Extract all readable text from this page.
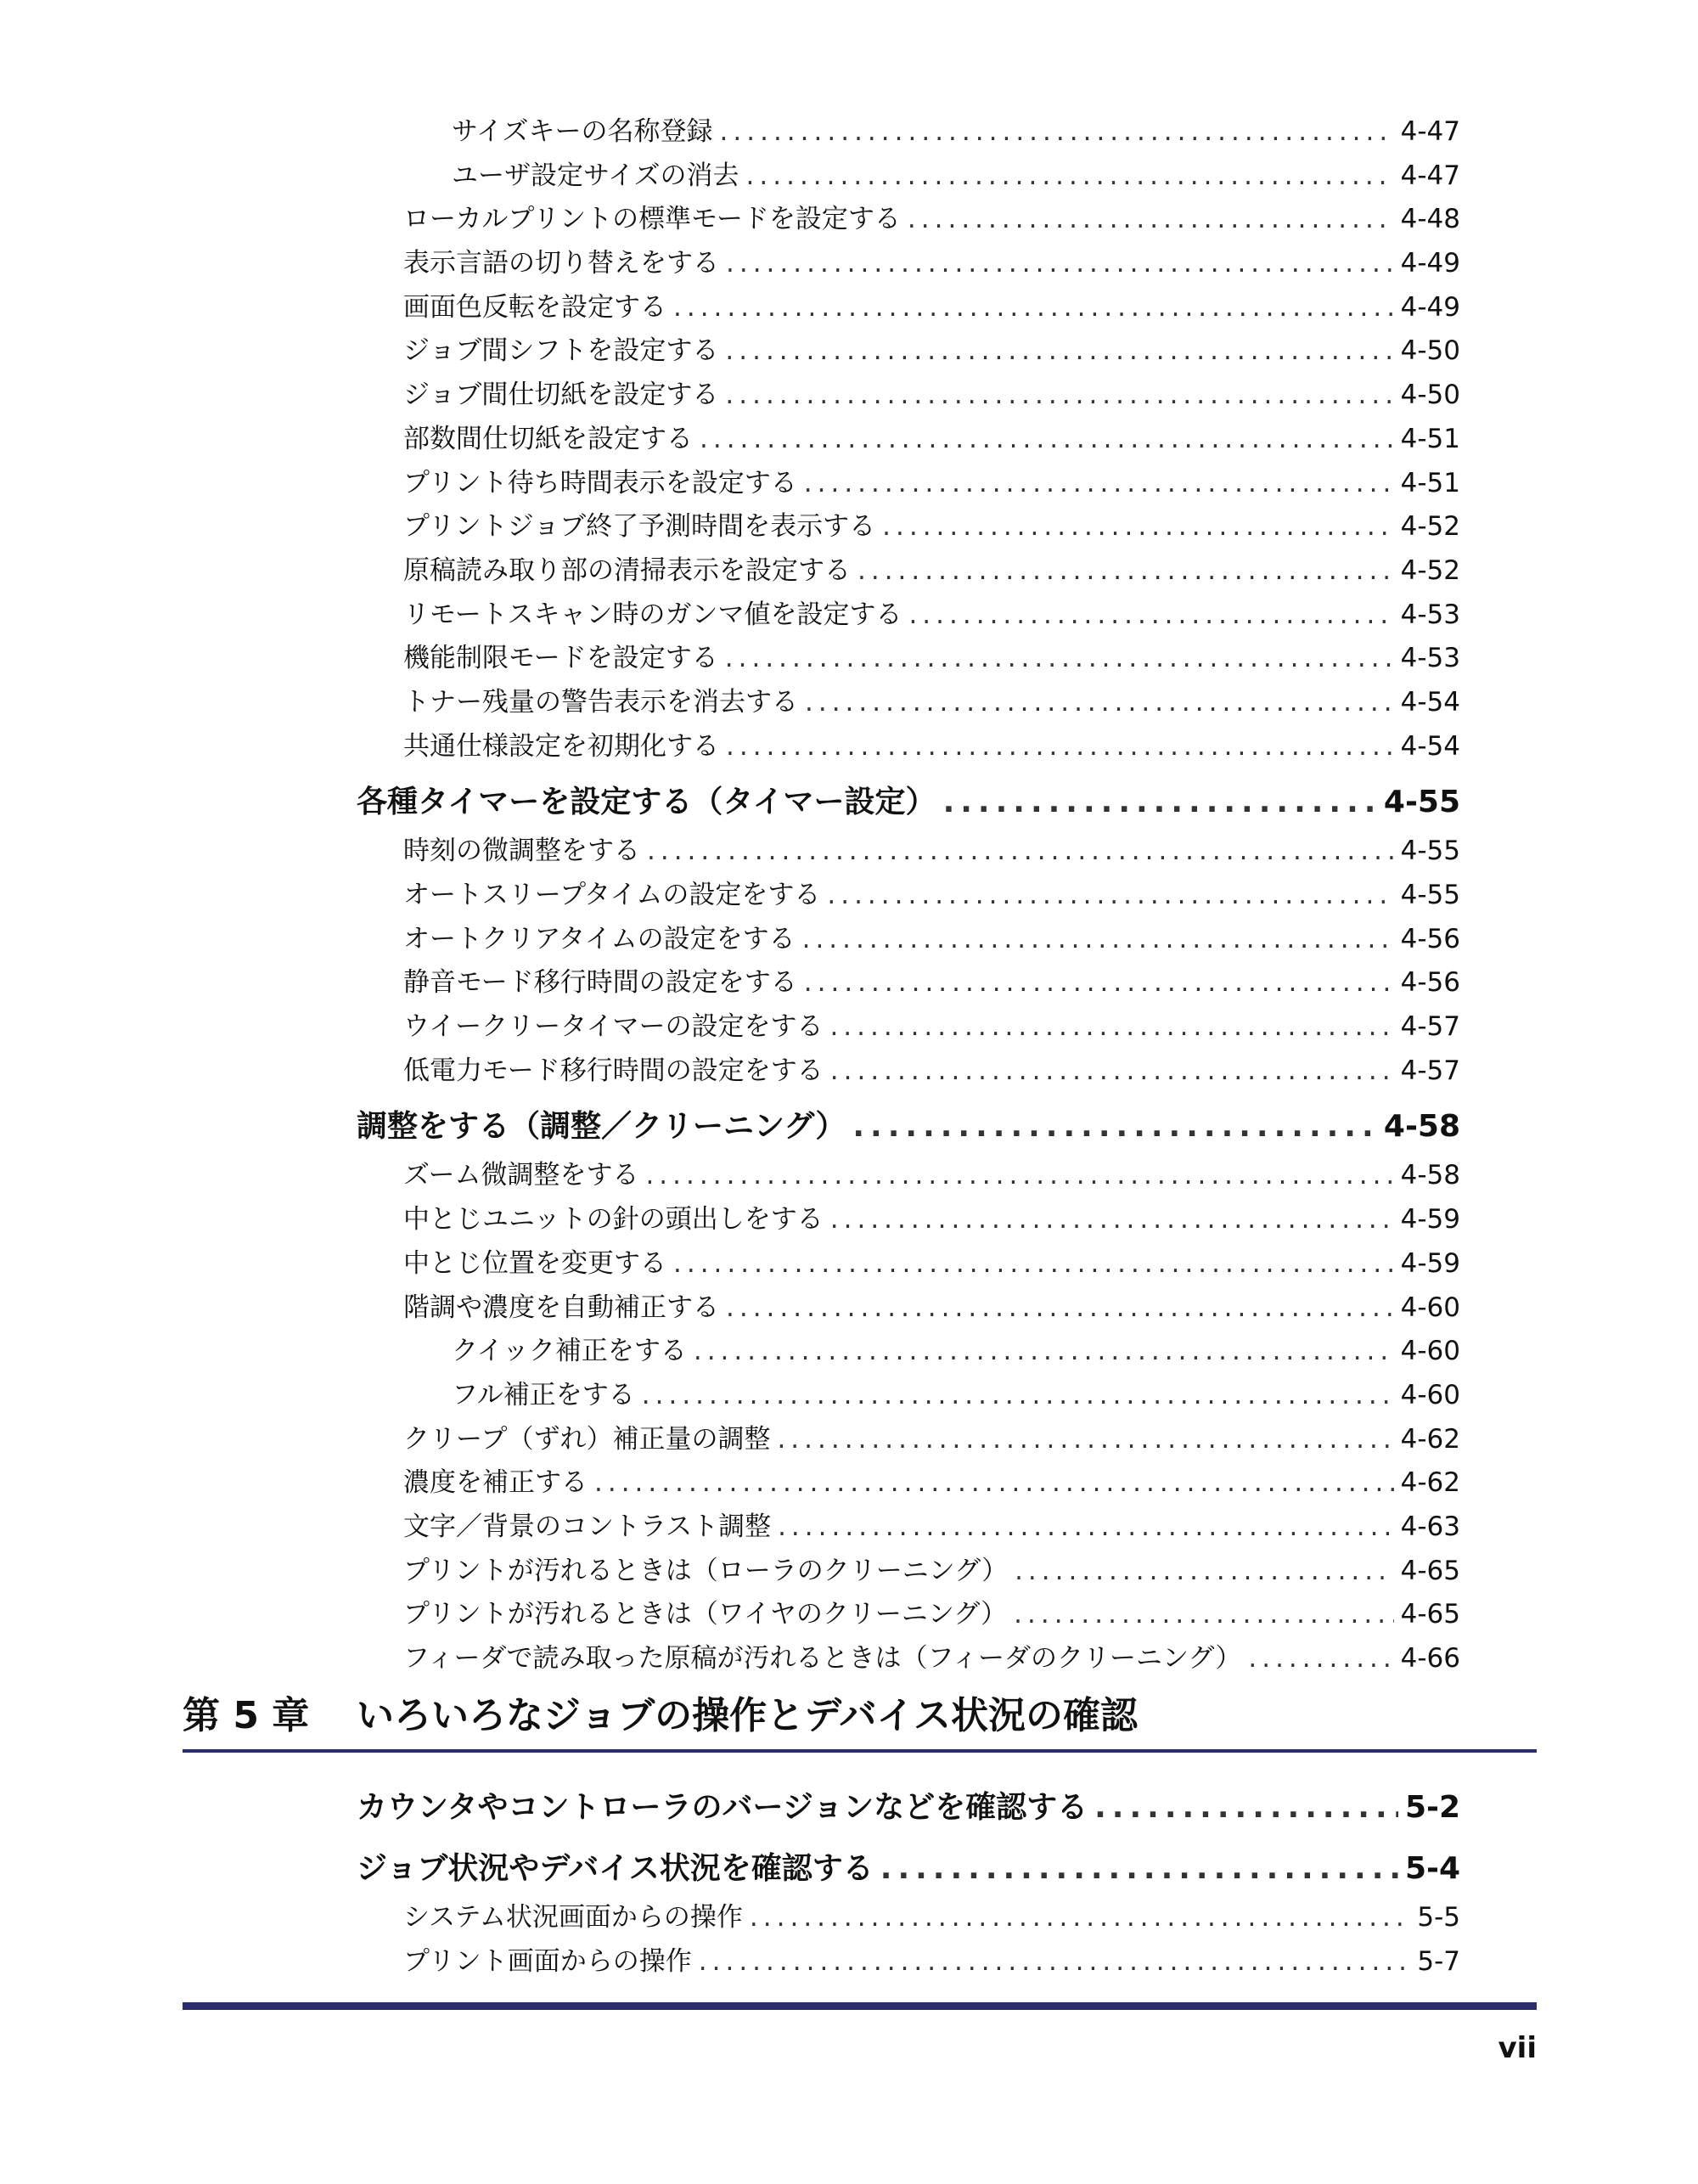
サイズキーの名称登録 .....	4-47
ユーザ設定サイズの消去 .....	4-47
ローカルプリントの標準モードを設定する .....	4-48
表示言語の切り替えをする .....	4-49
画面色反転を設定する .....	4-49
ジョブ間シフトを設定する .....	4-50
ジョブ間仕切紙を設定する .....	4-50
部数間仕切紙を設定する .....	4-51
プリント待ち時間表示を設定する .....	4-51
プリントジョブ終了予測時間を表示する .....	4-52
原稿読み取り部の清掃表示を設定する .....	4-52
リモートスキャン時のガンマ値を設定する .....	4-53
機能制限モードを設定する .....	4-53
トナー残量の警告表示を消去する .....	4-54
共通仕様設定を初期化する .....	4-54
各種タイマーを設定する（タイマー設定） .....	4-55
時刻の微調整をする .....	4-55
オートスリープタイムの設定をする .....	4-55
オートクリアタイムの設定をする .....	4-56
静音モード移行時間の設定をする .....	4-56
ウイークリータイマーの設定をする .....	4-57
低電力モード移行時間の設定をする .....	4-57
調整をする（調整／クリーニング） .....	4-58
ズーム微調整をする .....	4-58
中とじユニットの針の頭出しをする .....	4-59
中とじ位置を変更する .....	4-59
階調や濃度を自動補正する .....	4-60
クイック補正をする .....	4-60
フル補正をする .....	4-60
クリープ（ずれ）補正量の調整 .....	4-62
濃度を補正する .....	4-62
文字／背景のコントラスト調整 .....	4-63
プリントが汚れるときは（ローラのクリーニング） .....	4-65
プリントが汚れるときは（ワイヤのクリーニング） .....	4-65
フィーダで読み取った原稿が汚れるときは（フィーダのクリーニング） .....	4-66
第 5 章	いろいろなジョブの操作とデバイス状況の確認
カウンタやコントローラのバージョンなどを確認する .....	5-2
ジョブ状況やデバイス状況を確認する .....	5-4
システム状況画面からの操作 .....	5-5
プリント画面からの操作 .....	5-7
vii
